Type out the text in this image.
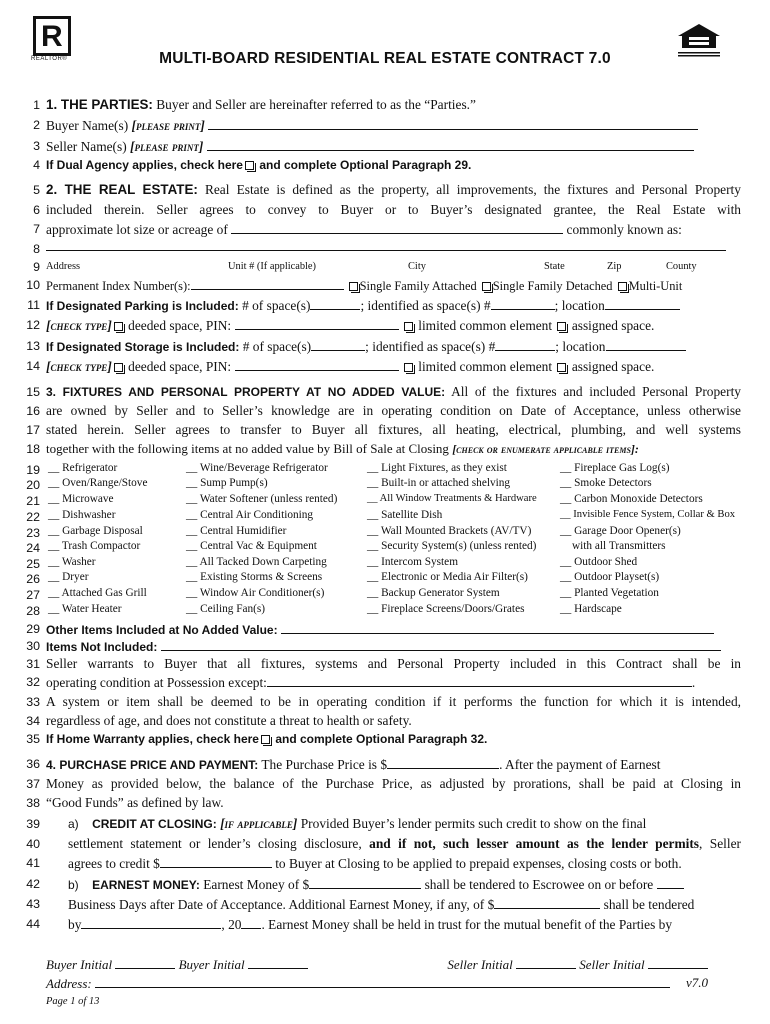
R
REALTOR®	MULTI-BOARD RESIDENTIAL REAL ESTATE CONTRACT 7.0
1
2
3
4
5
6
7
8
9
10
11
12
13
14
15
16
17
18
19
20
21
22
23
24
25
26
27
28
29
30
31
32
33
34
35
36
37
38
39
40
41
42
43
44
1. THE PARTIES: Buyer and Seller are hereinafter referred to as the “Parties.”
Buyer Name(s) [please print]
Seller Name(s) [please print]
If Dual Agency applies, check here and complete Optional Paragraph 29.
2. THE REAL ESTATE: Real Estate is defined as the property, all improvements, the fixtures and Personal Property
included therein. Seller agrees to convey to Buyer or to Buyer’s designated grantee, the Real Estate with
approximate lot size or acreage of	commonly known as:
Address	Unit # (If applicable)	City	State	Zip	County
Permanent Index Number(s):	Single Family Attached Single Family Detached Multi-Unit
If Designated Parking is Included: # of space(s)	; identified as space(s) #	; location
[check type] deeded space, PIN:	limited common element assigned space.
If Designated Storage is Included: # of space(s)	; identified as space(s) #	; location
[check type] deeded space, PIN:	limited common element assigned space.
3. FIXTURES AND PERSONAL PROPERTY AT NO ADDED VALUE: All of the fixtures and included Personal Property
are owned by Seller and to Seller’s knowledge are in operating condition on Date of Acceptance, unless otherwise
stated herein. Seller agrees to transfer to Buyer all fixtures, all heating, electrical, plumbing, and well systems
together with the following items at no added value by Bill of Sale at Closing [check or enumerate applicable items]:
__ Refrigerator
__ Oven/Range/Stove
__ Microwave
__ Dishwasher
__ Garbage Disposal
__ Trash Compactor
__ Washer
__ Dryer
__ Attached Gas Grill
__ Water Heater
__ Wine/Beverage Refrigerator
__ Sump Pump(s)
__ Water Softener (unless rented)
__ Central Air Conditioning
__ Central Humidifier
__ Central Vac & Equipment
__ All Tacked Down Carpeting
__ Existing Storms & Screens
__ Window Air Conditioner(s)
__ Ceiling Fan(s)
__ Light Fixtures, as they exist
__ Built-in or attached shelving
__ All Window Treatments & Hardware
__ Satellite Dish
__ Wall Mounted Brackets (AV/TV)
__ Security System(s) (unless rented)
__ Intercom System
__ Electronic or Media Air Filter(s)
__ Backup Generator System
__ Fireplace Screens/Doors/Grates
__ Fireplace Gas Log(s)
__ Smoke Detectors
__ Carbon Monoxide Detectors
__ Invisible Fence System, Collar & Box
__ Garage Door Opener(s)
with all Transmitters
__ Outdoor Shed
__ Outdoor Playset(s)
__ Planted Vegetation
__ Hardscape
Other Items Included at No Added Value:
Items Not Included:
Seller warrants to Buyer that all fixtures, systems and Personal Property included in this Contract shall be in
operating condition at Possession except:	.
A system or item shall be deemed to be in operating condition if it performs the function for which it is intended,
regardless of age, and does not constitute a threat to health or safety.
If Home Warranty applies, check here and complete Optional Paragraph 32.
4. PURCHASE PRICE AND PAYMENT: The Purchase Price is $	. After the payment of Earnest
Money as provided below, the balance of the Purchase Price, as adjusted by prorations, shall be paid at Closing in
“Good Funds” as defined by law.
a) CREDIT AT CLOSING: [if applicable] Provided Buyer’s lender permits such credit to show on the final
settlement statement or lender’s closing disclosure, and if not, such lesser amount as the lender permits, Seller
agrees to credit $	to Buyer at Closing to be applied to prepaid expenses, closing costs or both.
b) EARNEST MONEY: Earnest Money of $	shall be tendered to Escrowee on or before
Business Days after Date of Acceptance. Additional Earnest Money, if any, of $	shall be tendered
by	, 20 . Earnest Money shall be held in trust for the mutual benefit of the Parties by
Buyer Initial	Buyer Initial	Seller Initial	Seller Initial
Address:	v7.0
Page 1 of 13
